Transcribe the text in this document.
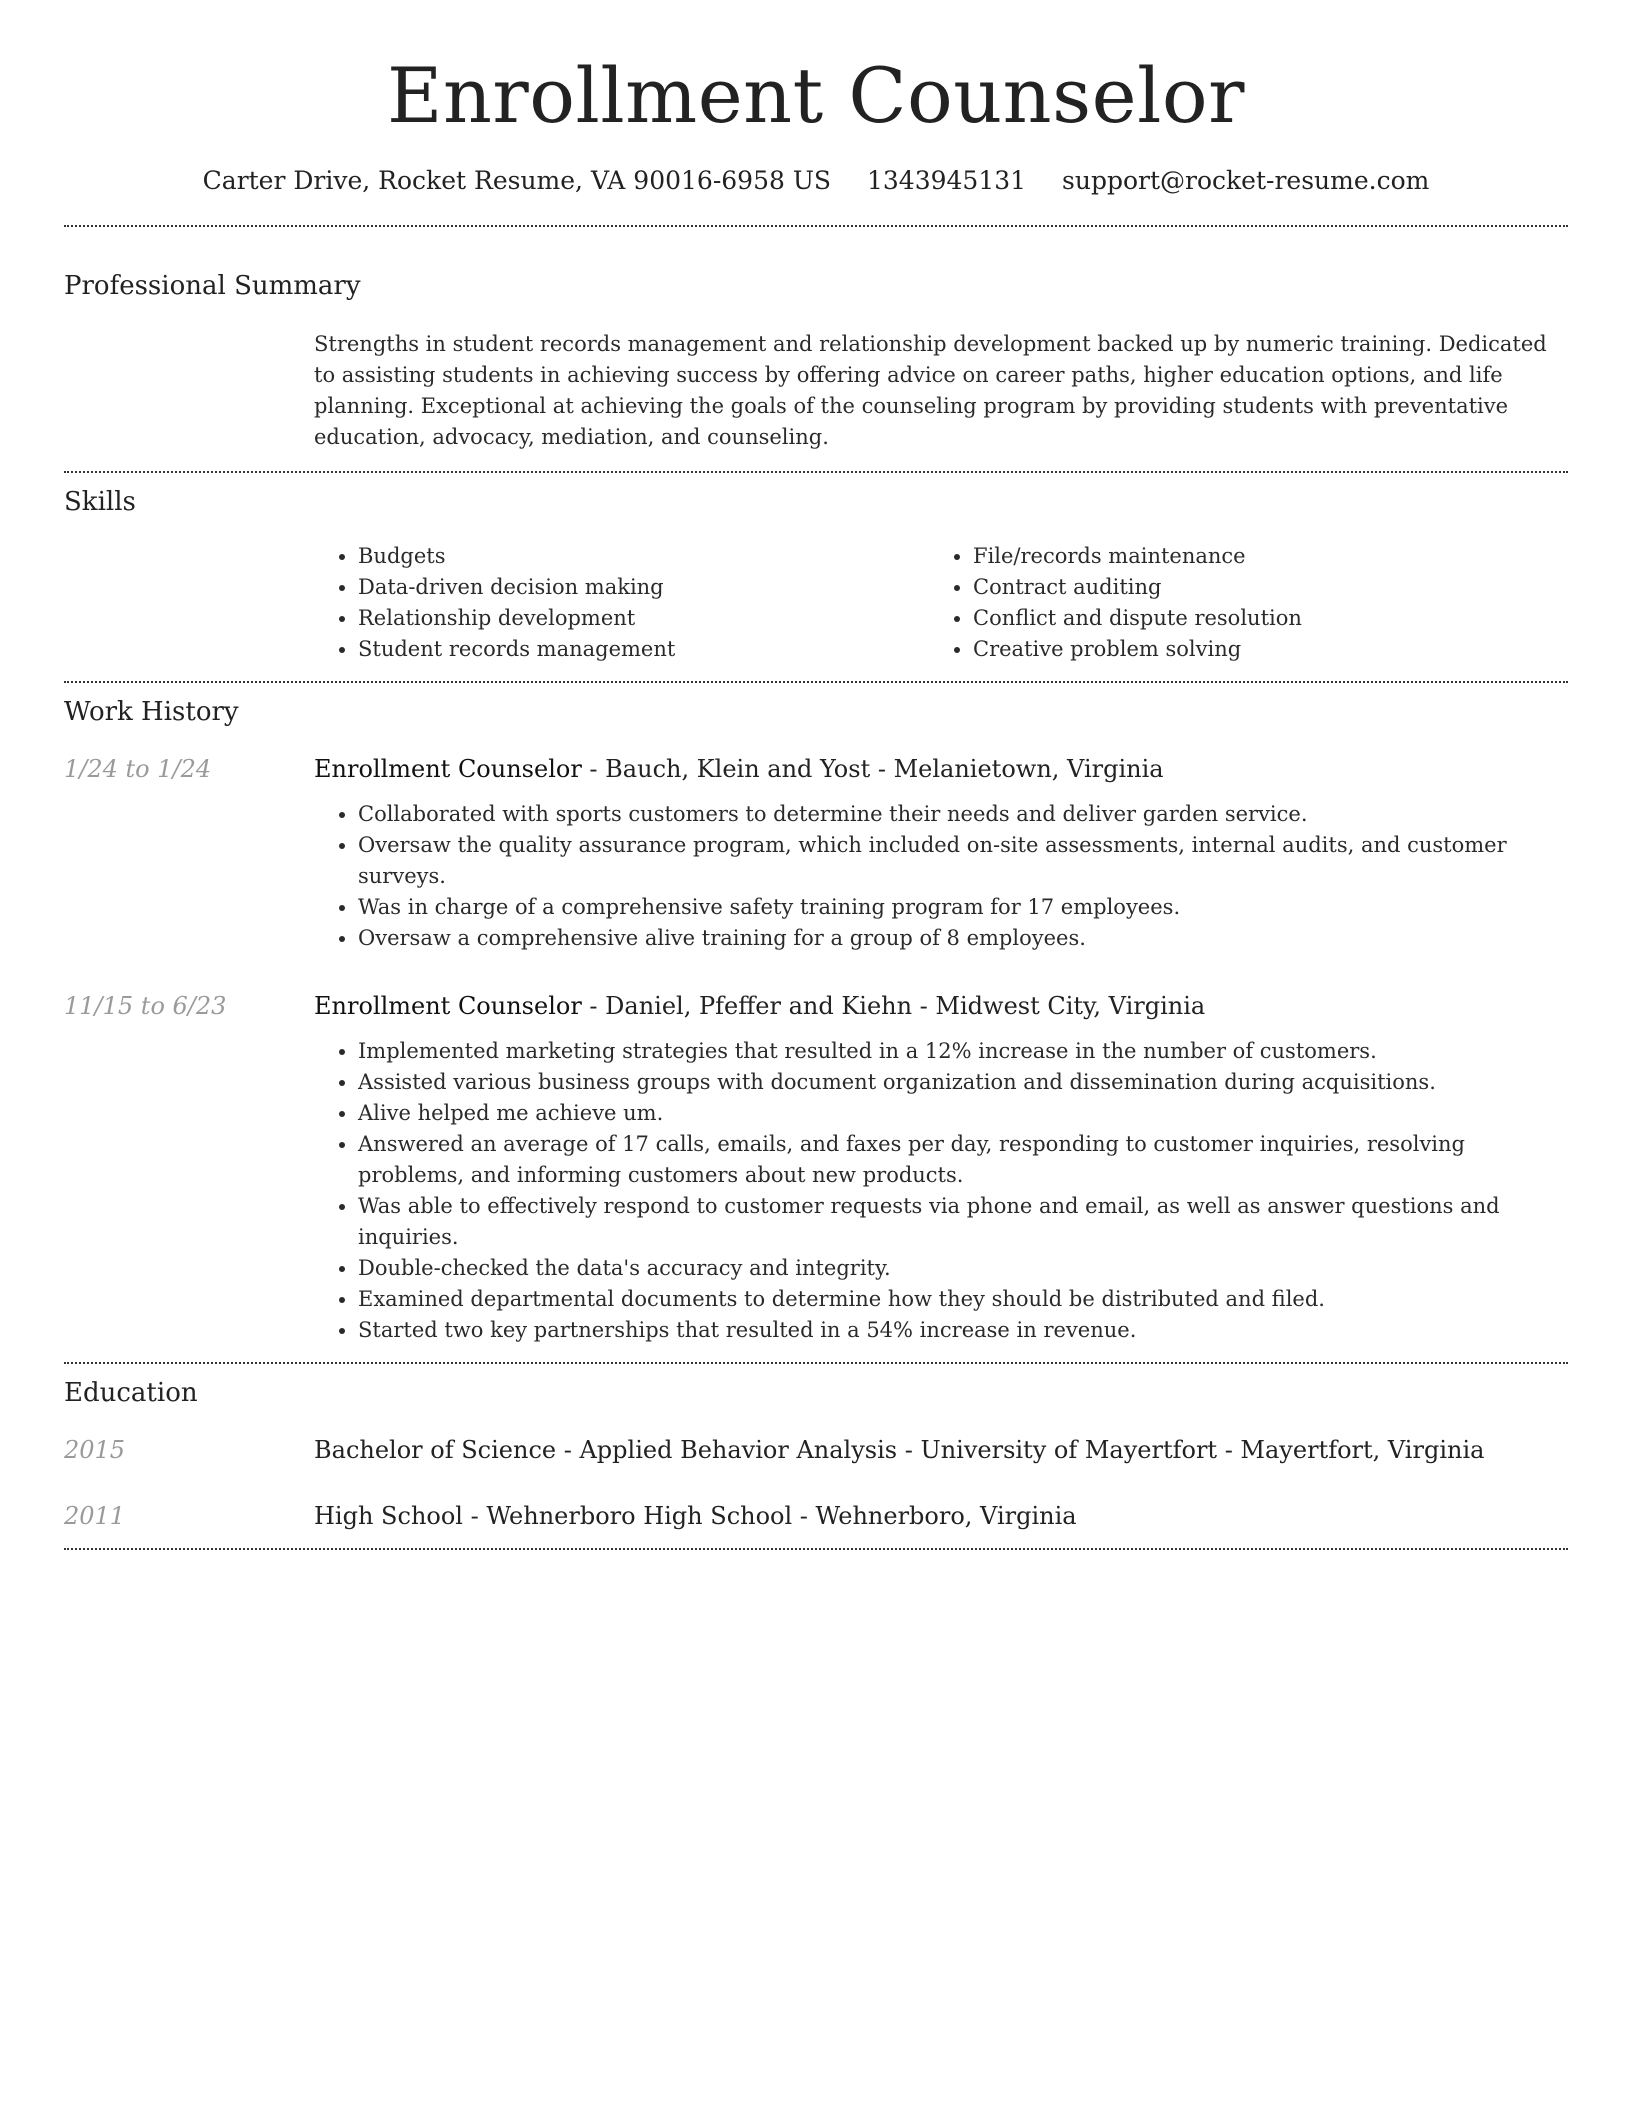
Enrollment Counselor
Carter Drive, Rocket Resume, VA 90016-6958 US 1343945131 support@rocket-resume.com
Professional Summary
Strengths in student records management and relationship development backed up by numeric training. Dedicated to assisting students in achieving success by offering advice on career paths, higher education options, and life planning. Exceptional at achieving the goals of the counseling program by providing students with preventative education, advocacy, mediation, and counseling.
Skills
• Budgets
• Data-driven decision making
• Relationship development
• Student records management
• File/records maintenance
• Contract auditing
• Conflict and dispute resolution
• Creative problem solving
Work History
1/24 to 1/24	Enrollment Counselor - Bauch, Klein and Yost - Melanietown, Virginia
• Collaborated with sports customers to determine their needs and deliver garden service.
• Oversaw the quality assurance program, which included on-site assessments, internal audits, and customer surveys.
• Was in charge of a comprehensive safety training program for 17 employees.
• Oversaw a comprehensive alive training for a group of 8 employees.
11/15 to 6/23	Enrollment Counselor - Daniel, Pfeffer and Kiehn - Midwest City, Virginia
• Implemented marketing strategies that resulted in a 12% increase in the number of customers.
• Assisted various business groups with document organization and dissemination during acquisitions.
• Alive helped me achieve um.
• Answered an average of 17 calls, emails, and faxes per day, responding to customer inquiries, resolving problems, and informing customers about new products.
• Was able to effectively respond to customer requests via phone and email, as well as answer questions and inquiries.
• Double-checked the data's accuracy and integrity.
• Examined departmental documents to determine how they should be distributed and filed.
• Started two key partnerships that resulted in a 54% increase in revenue.
Education
2015	Bachelor of Science - Applied Behavior Analysis - University of Mayertfort - Mayertfort, Virginia
2011	High School - Wehnerboro High School - Wehnerboro, Virginia
